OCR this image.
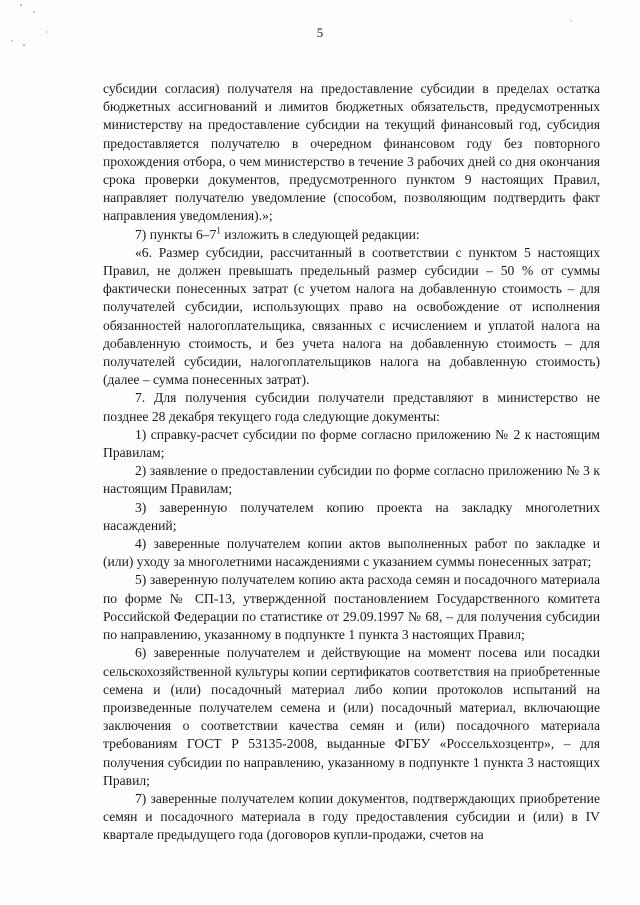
5

субсидии согласия) получателя на предоставление субсидии в пределах остатка бюджетных ассигнований и лимитов бюджетных обязательств, предусмотренных министерству на предоставление субсидии на текущий финансовый год, субсидия предоставляется получателю в очередном финансовом году без повторного прохождения отбора, о чем министерство в течение 3 рабочих дней со дня окончания срока проверки документов, предусмотренного пунктом 9 настоящих Правил, направляет получателю уведомление (способом, позволяющим подтвердить факт направления уведомления).»;

7) пункты $6-7^1$ изложить в следующей редакции:

«6. Размер субсидии, рассчитанный в соответствии с пунктом 5 настоящих Правил, не должен превышать предельный размер субсидии – 50 % от суммы фактически понесенных затрат (с учетом налога на добавленную стоимость – для получателей субсидии, использующих право на освобождение от исполнения обязанностей налогоплательщика, связанных с исчислением и уплатой налога на добавленную стоимость, и без учета налога на добавленную стоимость – для получателей субсидии, налогоплательщиков налога на добавленную стоимость) (далее – сумма понесенных затрат).

7. Для получения субсидии получатели представляют в министерство не позднее 28 декабря текущего года следующие документы:

1) справку-расчет субсидии по форме согласно приложению № 2 к настоящим Правилам;

2) заявление о предоставлении субсидии по форме согласно приложению № 3 к настоящим Правилам;

3) заверенную получателем копию проекта на закладку многолетних насаждений;

4) заверенные получателем копии актов выполненных работ по закладке и (или) уходу за многолетними насаждениями с указанием суммы понесенных затрат;

5) заверенную получателем копию акта расхода семян и посадочного материала по форме № СП-13, утвержденной постановлением Государственного комитета Российской Федерации по статистике от 29.09.1997 № 68, – для получения субсидии по направлению, указанному в подпункте 1 пункта 3 настоящих Правил;

6) заверенные получателем и действующие на момент посева или посадки сельскохозяйственной культуры копии сертификатов соответствия на приобретенные семена и (или) посадочный материал либо копии протоколов испытаний на произведенные получателем семена и (или) посадочный материал, включающие заключения о соответствии качества семян и (или) посадочного материала требованиям ГОСТ Р 53135-2008, выданные ФГБУ «Россельхозцентр», – для получения субсидии по направлению, указанному в подпункте 1 пункта 3 настоящих Правил;

7) заверенные получателем копии документов, подтверждающих приобретение семян и посадочного материала в году предоставления субсидии и (или) в IV квартале предыдущего года (договоров купли-продажи, счетов на
